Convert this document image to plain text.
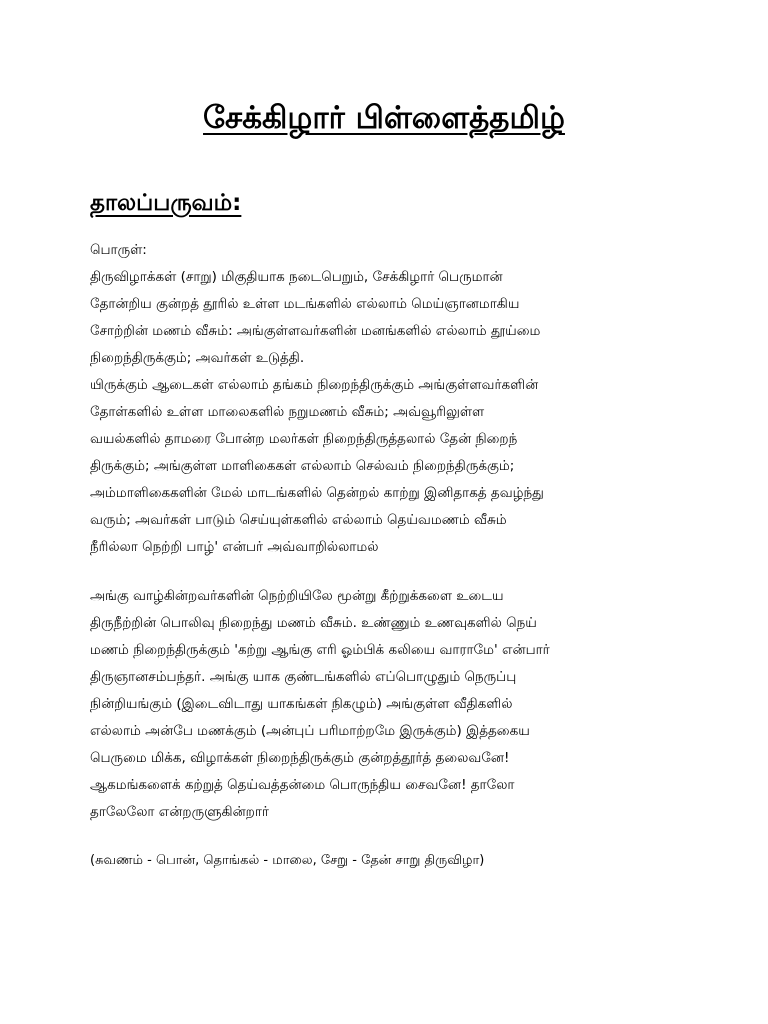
சேக்கிழார் பிள்ளைத்தமிழ்
தாலப்பருவம்:
பொருள்:
திருவிழாக்கள் (சாறு) மிகுதியாக நடைபெறும், சேக்கிழார் பெருமான்
தோன்றிய குன்றத் தூரில் உள்ள மடங்களில் எல்லாம் மெய்ஞானமாகிய
சோற்றின் மணம் வீசும்: அங்குள்ளவர்களின் மனங்களில் எல்லாம் தூய்மை
நிறைந்திருக்கும்; அவர்கள் உடுத்தி.
யிருக்கும் ஆடைகள் எல்லாம் தங்கம் நிறைந்திருக்கும் அங்குள்ளவர்களின்
தோள்களில் உள்ள மாலைகளில் நறுமணம் வீசும்; அவ்வூரிலுள்ள
வயல்களில் தாமரை போன்ற மலர்கள் நிறைந்திருத்தலால் தேன் நிறைந்
திருக்கும்; அங்குள்ள மாளிகைகள் எல்லாம் செல்வம் நிறைந்திருக்கும்;
அம்மாளிகைகளின் மேல் மாடங்களில் தென்றல் காற்று இனிதாகத் தவழ்ந்து
வரும்; அவர்கள் பாடும் செய்யுள்களில் எல்லாம் தெய்வமணம் வீசும்
நீரில்லா நெற்றி பாழ்' என்பர் அவ்வாறில்லாமல்
அங்கு வாழ்கின்றவர்களின் நெற்றியிலே மூன்று கீற்றுக்களை உடைய
திருநீற்றின் பொலிவு நிறைந்து மணம் வீசும். உண்ணும் உணவுகளில் நெய்
மணம் நிறைந்திருக்கும் 'கற்று ஆங்கு எரி ஓம்பிக் கலியை வாராமே' என்பார்
திருஞானசம்பந்தர். அங்கு யாக குண்டங்களில் எப்பொழுதும் நெருப்பு
நின்றியங்கும் (இடைவிடாது யாகங்கள் நிகழும்) அங்குள்ள வீதிகளில்
எல்லாம் அன்பே மணக்கும் (அன்புப் பரிமாற்றமே இருக்கும்) இத்தகைய
பெருமை மிக்க, விழாக்கள் நிறைந்திருக்கும் குன்றத்தூர்த் தலைவனே!
ஆகமங்களைக் கற்றுத் தெய்வத்தன்மை பொருந்திய சைவனே! தாலோ
தாலேலோ என்றருளுகின்றார்
(சுவணம் - பொன், தொங்கல் - மாலை, சேறு - தேன் சாறு திருவிழா)
